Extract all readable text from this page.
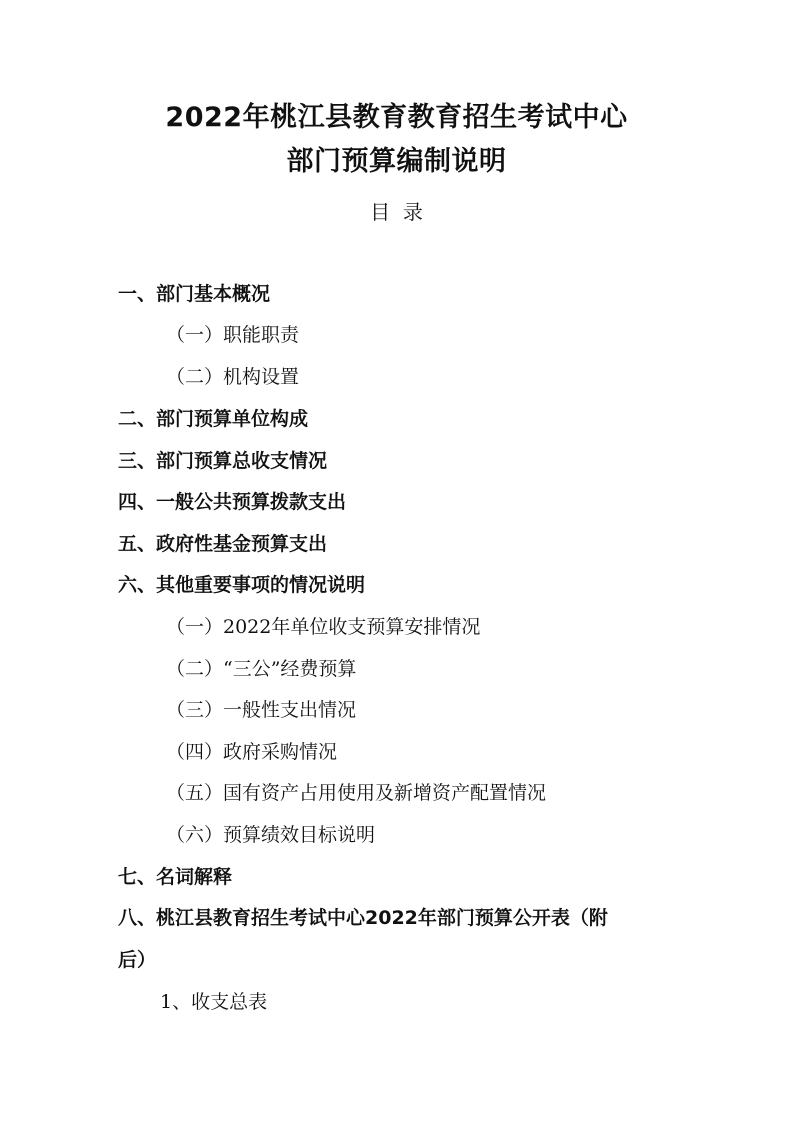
2022年桃江县教育教育招生考试中心
部门预算编制说明
目  录
一、部门基本概况
（一）职能职责
（二）机构设置
二、部门预算单位构成
三、部门预算总收支情况
四、一般公共预算拨款支出
五、政府性基金预算支出
六、其他重要事项的情况说明
（一）2022年单位收支预算安排情况
（二）“三公”经费预算
（三）一般性支出情况
（四）政府采购情况
（五）国有资产占用使用及新增资产配置情况
（六）预算绩效目标说明
七、名词解释
八、桃江县教育招生考试中心2022年部门预算公开表（附
后）
1、收支总表
